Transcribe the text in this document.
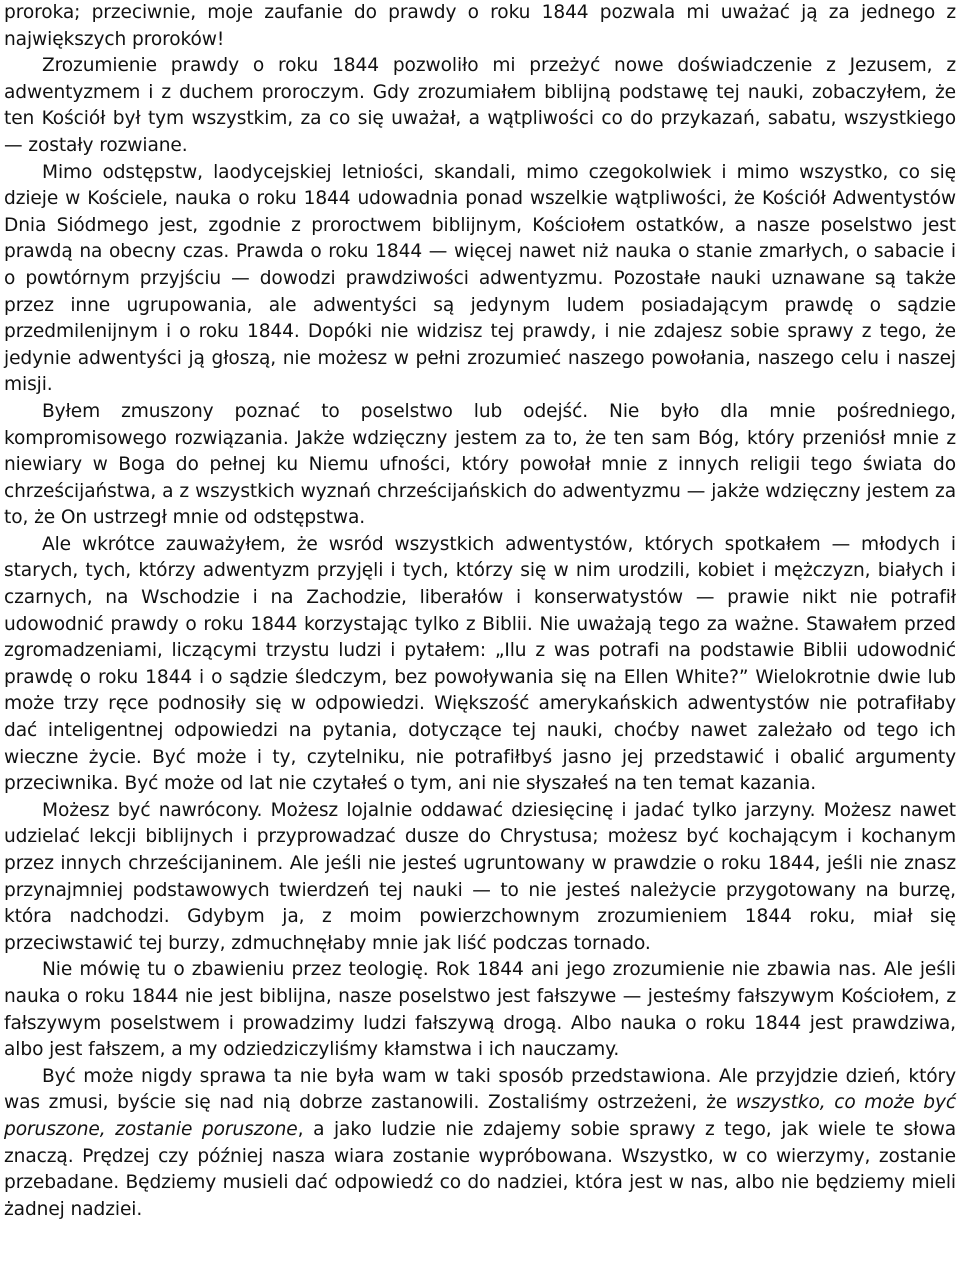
proroka; przeciwnie, moje zaufanie do prawdy o roku 1844 pozwala mi uważać ją za jednego z największych proroków!

Zrozumienie prawdy o roku 1844 pozwoliło mi przeżyć nowe doświadczenie z Jezusem, z adwentyzmem i z duchem proroczym. Gdy zrozumiałem biblijną podstawę tej nauki, zobaczyłem, że ten Kościół był tym wszystkim, za co się uważał, a wątpliwości co do przykazań, sabatu, wszystkiego — zostały rozwiane.

Mimo odstępstw, laodycejskiej letniości, skandali, mimo czegokolwiek i mimo wszystko, co się dzieje w Kościele, nauka o roku 1844 udowadnia ponad wszelkie wątpliwości, że Kościół Adwentystów Dnia Siódmego jest, zgodnie z proroctwem biblijnym, Kościołem ostatków, a nasze poselstwo jest prawdą na obecny czas. Prawda o roku 1844 — więcej nawet niż nauka o stanie zmarłych, o sabacie i o powtórnym przyjściu — dowodzi prawdziwości adwentyzmu. Pozostałe nauki uznawane są także przez inne ugrupowania, ale adwentyści są jedynym ludem posiadającym prawdę o sądzie przedmilenijnym i o roku 1844. Dopóki nie widzisz tej prawdy, i nie zdajesz sobie sprawy z tego, że jedynie adwentyści ją głoszą, nie możesz w pełni zrozumieć naszego powołania, naszego celu i naszej misji.

Byłem zmuszony poznać to poselstwo lub odejść. Nie było dla mnie pośredniego, kompromisowego rozwiązania. Jakże wdzięczny jestem za to, że ten sam Bóg, który przeniósł mnie z niewiary w Boga do pełnej ku Niemu ufności, który powołał mnie z innych religii tego świata do chrześcijaństwa, a z wszystkich wyznań chrześcijańskich do adwentyzmu — jakże wdzięczny jestem za to, że On ustrzegł mnie od odstępstwa.

Ale wkrótce zauważyłem, że wsród wszystkich adwentystów, których spotkałem — młodych i starych, tych, którzy adwentyzm przyjęli i tych, którzy się w nim urodzili, kobiet i mężczyzn, białych i czarnych, na Wschodzie i na Zachodzie, liberałów i konserwatystów — prawie nikt nie potrafił udowodnić prawdy o roku 1844 korzystając tylko z Biblii. Nie uważają tego za ważne. Stawałem przed zgromadzeniami, liczącymi trzystu ludzi i pytałem: „Ilu z was potrafi na podstawie Biblii udowodnić prawdę o roku 1844 i o sądzie śledczym, bez powoływania się na Ellen White?” Wielokrotnie dwie lub może trzy ręce podnosiły się w odpowiedzi. Większość amerykańskich adwentystów nie potrafiłaby dać inteligentnej odpowiedzi na pytania, dotyczące tej nauki, choćby nawet zależało od tego ich wieczne życie. Być może i ty, czytelniku, nie potrafiłbyś jasno jej przedstawić i obalić argumenty przeciwnika. Być może od lat nie czytałeś o tym, ani nie słyszałeś na ten temat kazania.

Możesz być nawrócony. Możesz lojalnie oddawać dziesięcinę i jadać tylko jarzyny. Możesz nawet udzielać lekcji biblijnych i przyprowadzać dusze do Chrystusa; możesz być kochającym i kochanym przez innych chrześcijaninem. Ale jeśli nie jesteś ugruntowany w prawdzie o roku 1844, jeśli nie znasz przynajmniej podstawowych twierdzeń tej nauki — to nie jesteś należycie przygotowany na burzę, która nadchodzi. Gdybym ja, z moim powierzchownym zrozumieniem 1844 roku, miał się przeciwstawić tej burzy, zdmuchnęłaby mnie jak liść podczas tornado.

Nie mówię tu o zbawieniu przez teologię. Rok 1844 ani jego zrozumienie nie zbawia nas. Ale jeśli nauka o roku 1844 nie jest biblijna, nasze poselstwo jest fałszywe — jesteśmy fałszywym Kościołem, z fałszywym poselstwem i prowadzimy ludzi fałszywą drogą. Albo nauka o roku 1844 jest prawdziwa, albo jest fałszem, a my odziedziczyliśmy kłamstwa i ich nauczamy.

Być może nigdy sprawa ta nie była wam w taki sposób przedstawiona. Ale przyjdzie dzień, który was zmusi, byście się nad nią dobrze zastanowili. Zostaliśmy ostrzeżeni, że wszystko, co może być poruszone, zostanie poruszone, a jako ludzie nie zdajemy sobie sprawy z tego, jak wiele te słowa znaczą. Prędzej czy później nasza wiara zostanie wypróbowana. Wszystko, w co wierzymy, zostanie przebadane. Będziemy musieli dać odpowiedź co do nadziei, która jest w nas, albo nie będziemy mieli żadnej nadziei.
